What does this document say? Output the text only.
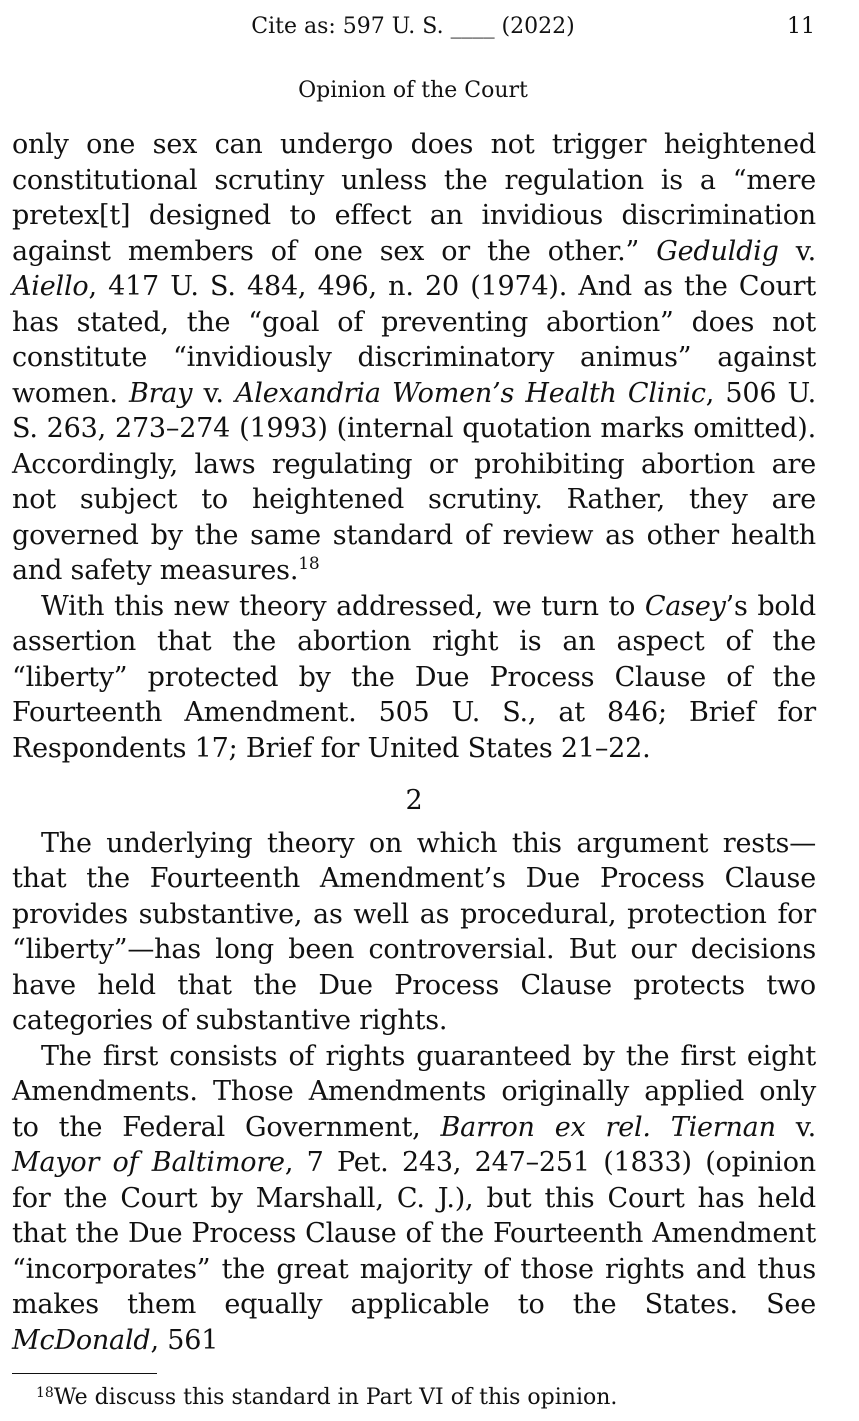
Cite as: 597 U. S. ____ (2022)	11
Opinion of the Court

only one sex can undergo does not trigger heightened constitutional scrutiny unless the regulation is a “mere pretex[t] designed to effect an invidious discrimination against members of one sex or the other.” Geduldig v. Aiello, 417 U. S. 484, 496, n. 20 (1974). And as the Court has stated, the “goal of preventing abortion” does not constitute “invidiously discriminatory animus” against women. Bray v. Alexandria Women’s Health Clinic, 506 U. S. 263, 273–274 (1993) (internal quotation marks omitted). Accordingly, laws regulating or prohibiting abortion are not subject to heightened scrutiny. Rather, they are governed by the same standard of review as other health and safety measures.$^{18}$

With this new theory addressed, we turn to Casey’s bold assertion that the abortion right is an aspect of the “liberty” protected by the Due Process Clause of the Fourteenth Amendment. 505 U. S., at 846; Brief for Respondents 17; Brief for United States 21–22.

2

The underlying theory on which this argument rests—that the Fourteenth Amendment’s Due Process Clause provides substantive, as well as procedural, protection for “liberty”—has long been controversial. But our decisions have held that the Due Process Clause protects two categories of substantive rights.

The first consists of rights guaranteed by the first eight Amendments. Those Amendments originally applied only to the Federal Government, Barron ex rel. Tiernan v. Mayor of Baltimore, 7 Pet. 243, 247–251 (1833) (opinion for the Court by Marshall, C. J.), but this Court has held that the Due Process Clause of the Fourteenth Amendment “incorporates” the great majority of those rights and thus makes them equally applicable to the States. See McDonald, 561

$^{18}$We discuss this standard in Part VI of this opinion.
